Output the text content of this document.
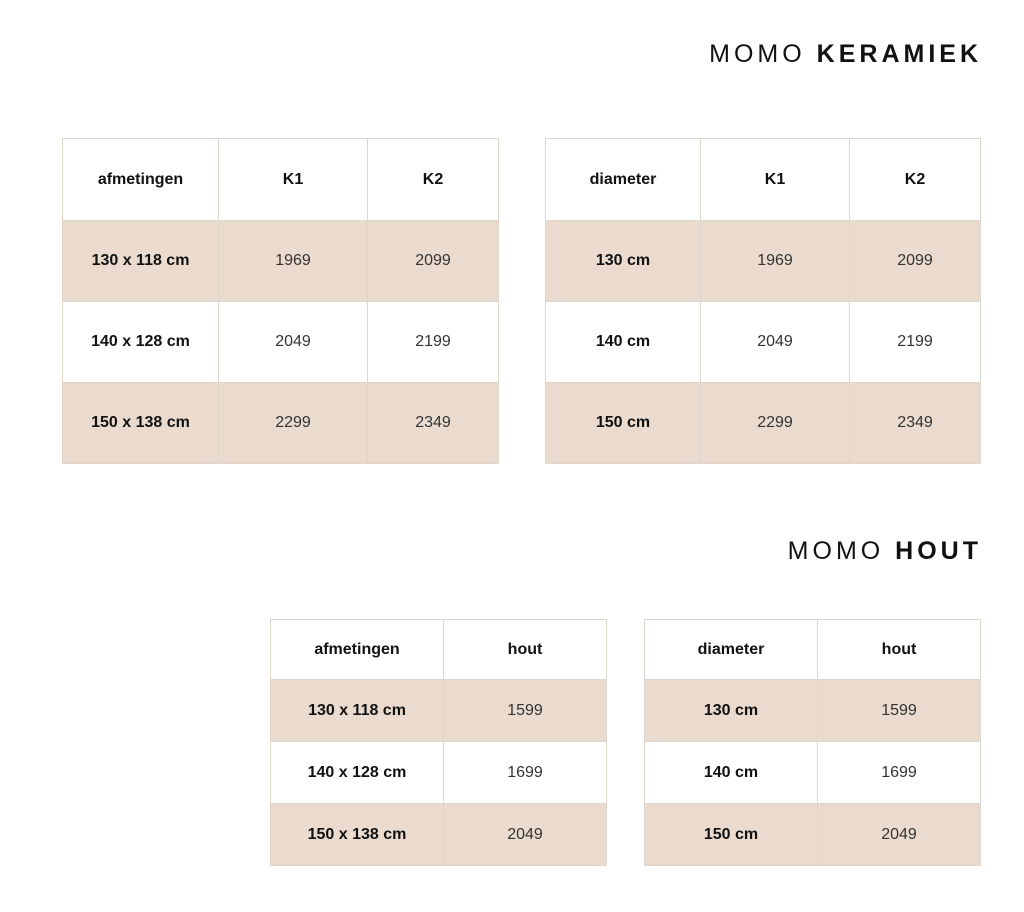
MOMO KERAMIEK
afmetingen	K1	K2
130 x 118 cm	1969	2099
140 x 128 cm	2049	2199
150 x 138 cm	2299	2349
diameter	K1	K2
130 cm	1969	2099
140 cm	2049	2199
150 cm	2299	2349
MOMO HOUT
afmetingen	hout
130 x 118 cm	1599
140 x 128 cm	1699
150 x 138 cm	2049
diameter	hout
130 cm	1599
140 cm	1699
150 cm	2049
